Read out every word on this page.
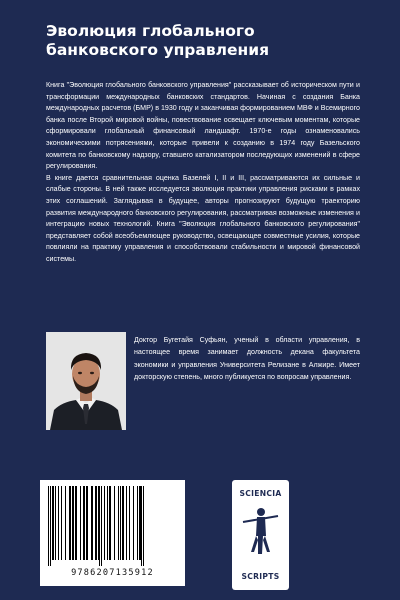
Эволюция глобального банковского управления

Книга "Эволюция глобального банковского управления" рассказывает об историческом пути и трансформации международных банковских стандартов. Начиная с создания Банка международных расчетов (БМР) в 1930 году и заканчивая формированием МВФ и Всемирного банка после Второй мировой войны, повествование освещает ключевым моментам, которые сформировали глобальный финансовый ландшафт. 1970-е годы ознаменовались экономическими потрясениями, которые привели к созданию в 1974 году Базельского комитета по банковскому надзору, ставшего катализатором последующих изменений в сфере регулирования.

В книге дается сравнительная оценка Базелей I, II и III, рассматриваются их сильные и слабые стороны. В ней также исследуется эволюция практики управления рисками в рамках этих соглашений. Заглядывая в будущее, авторы прогнозируют будущую траекторию развития международного банковского регулирования, рассматривая возможные изменения и интеграцию новых технологий. Книга "Эволюция глобального банковского регулирования" представляет собой всеобъемлющее руководство, освещающее совместные усилия, которые повлияли на практику управления и способствовали стабильности и мировой финансовой системы.

Доктор Бугетайя Суфьян, ученый в области управления, в настоящее время занимает должность декана факультета экономики и управления Университета Релизане в Алжире. Имеет докторскую степень, много публикуется по вопросам управления.

9786207135912
SCIENCIA
SCRIPTS
